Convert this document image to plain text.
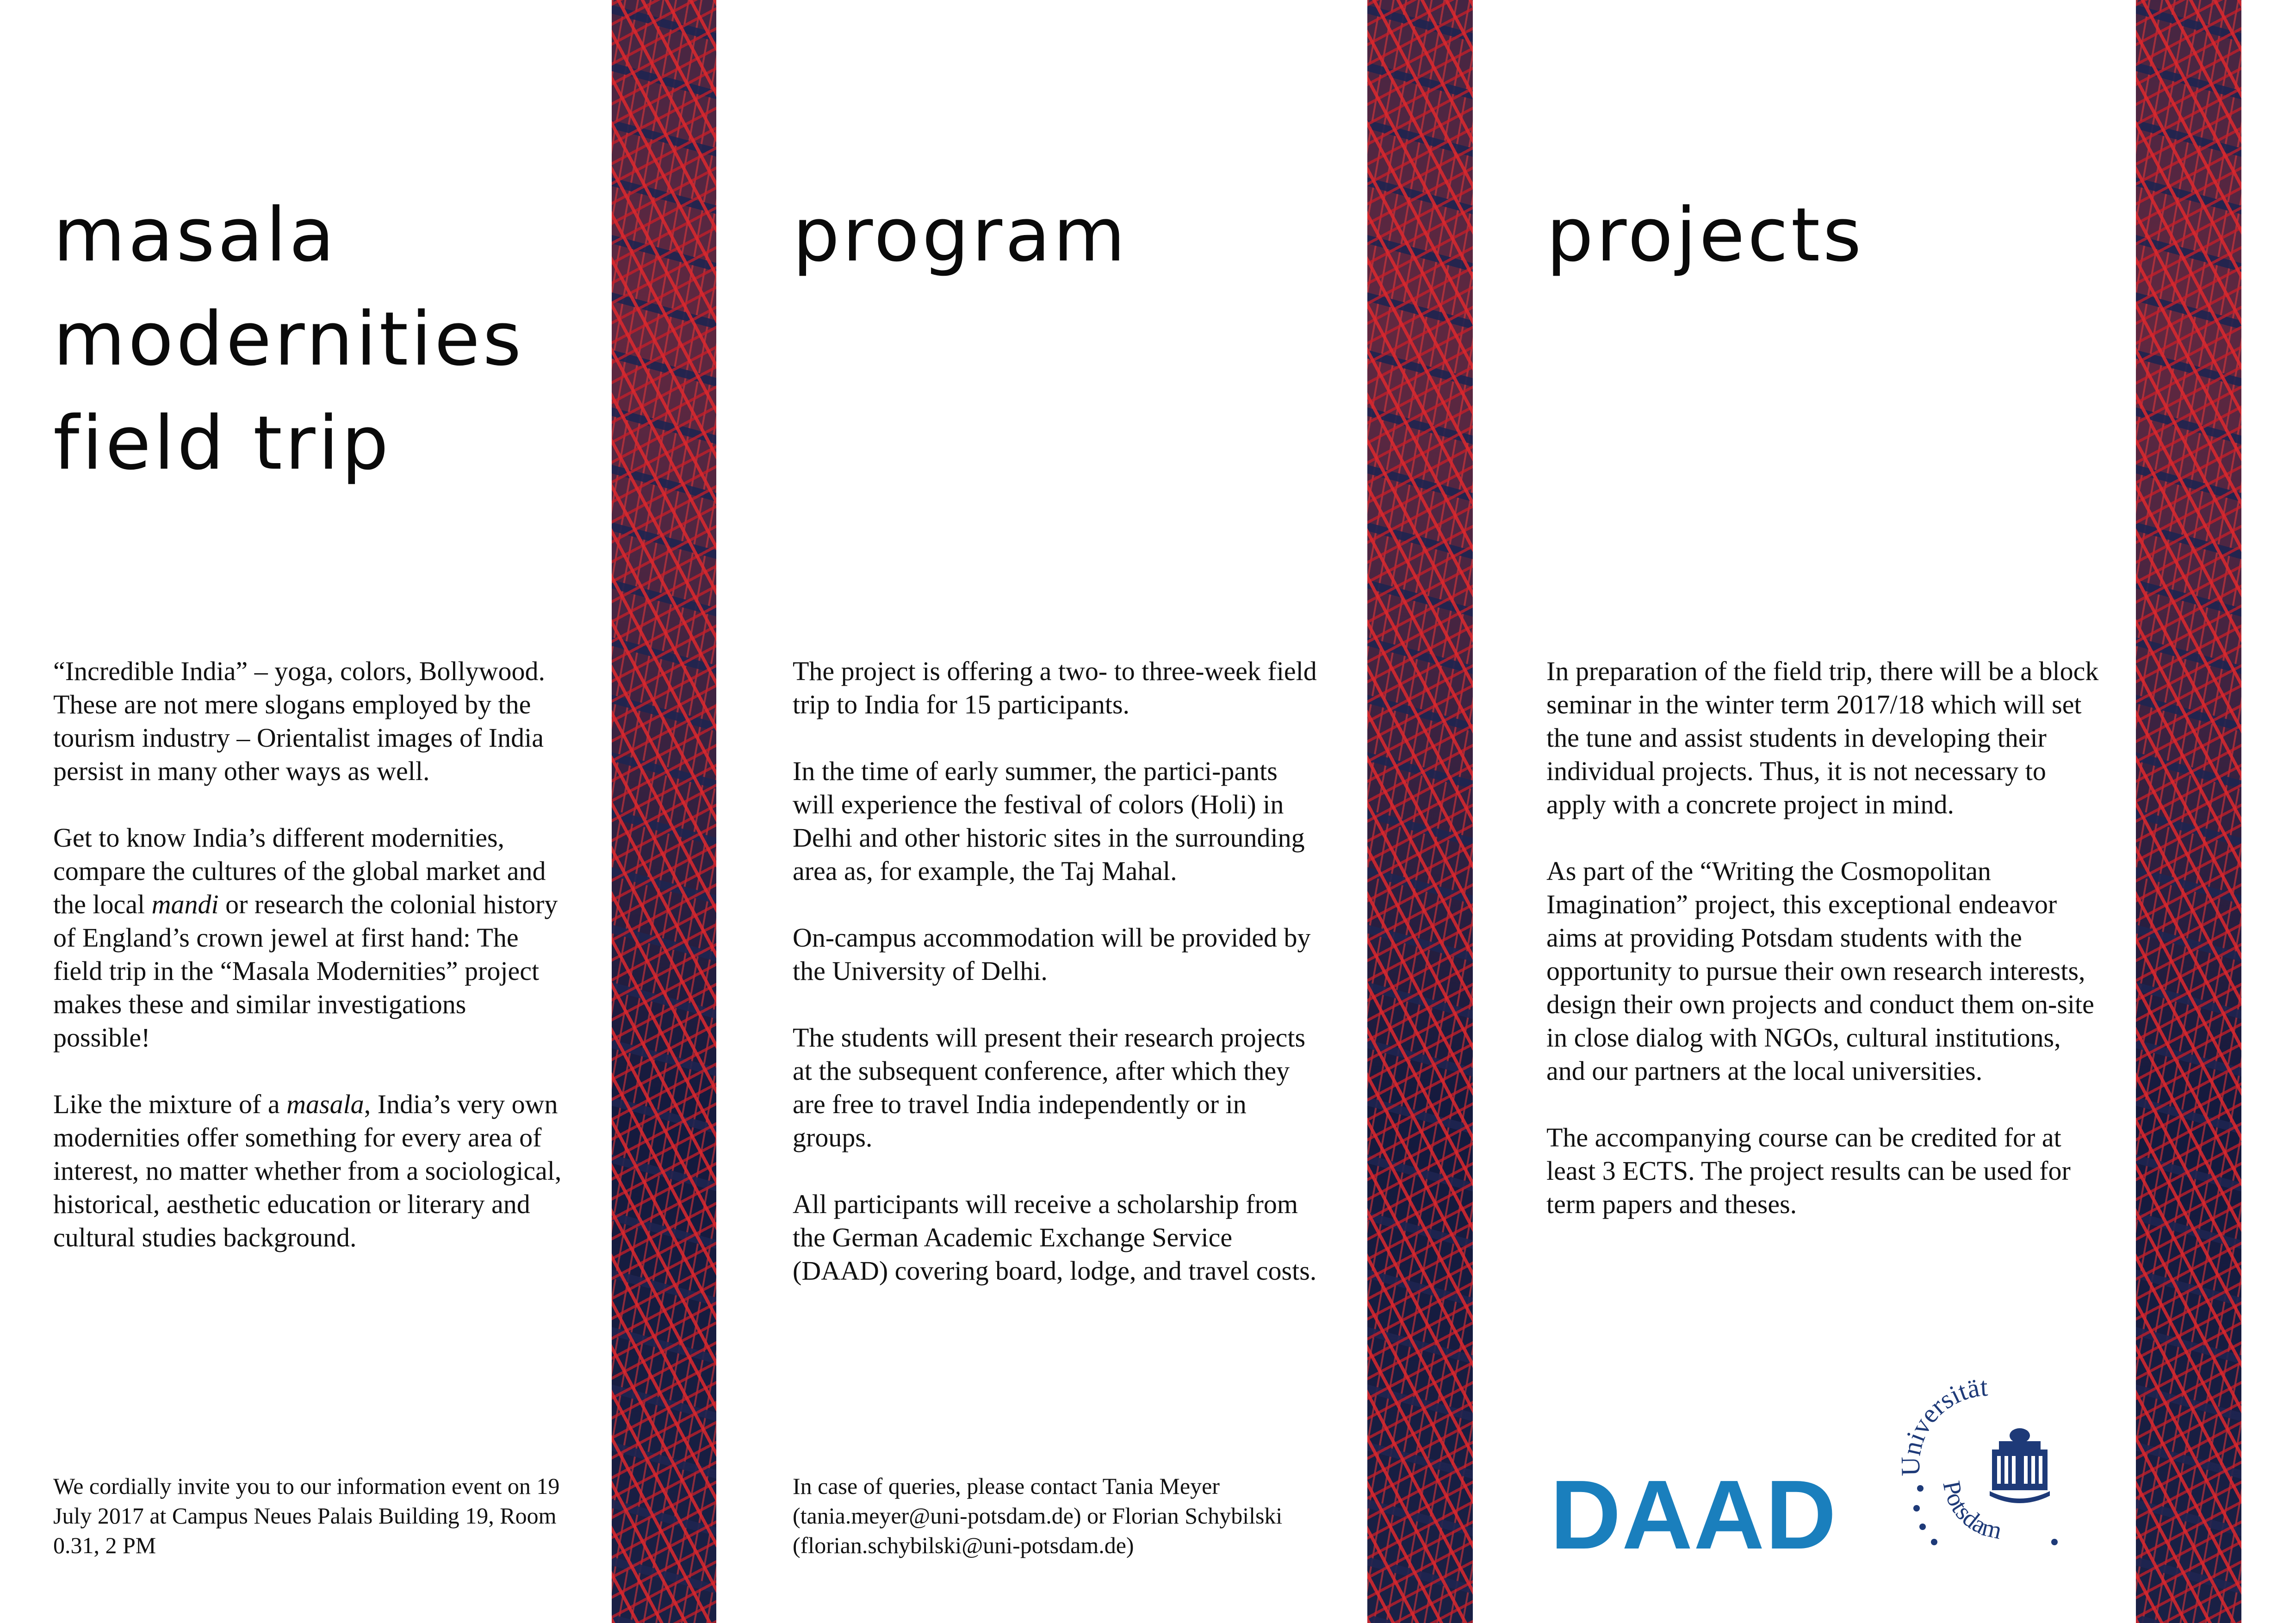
masala
modernities
field trip

“Incredible India” – yoga, colors, Bollywood. These are not mere slogans employed by the tourism industry – Orientalist images of India persist in many other ways as well.

Get to know India’s different modernities, compare the cultures of the global market and the local mandi or research the colonial history of England’s crown jewel at first hand: The field trip in the “Masala Modernities” project makes these and similar investigations possible!

Like the mixture of a masala, India’s very own modernities offer something for every area of interest, no matter whether from a sociological, historical, aesthetic education or literary and cultural studies background.

We cordially invite you to our information event on 19 July 2017 at Campus Neues Palais Building 19, Room 0.31, 2 PM
program

The project is offering a two- to three-week field trip to India for 15 participants.

In the time of early summer, the partici-pants will experience the festival of colors (Holi) in Delhi and other historic sites in the surrounding area as, for example, the Taj Mahal.

On-campus accommodation will be provided by the University of Delhi.

The students will present their research projects at the subsequent conference, after which they are free to travel India independently or in groups.

All participants will receive a scholarship from the German Academic Exchange Service (DAAD) covering board, lodge, and travel costs.

In case of queries, please contact Tania Meyer (tania.meyer@uni-potsdam.de) or Florian Schybilski (florian.schybilski@uni-potsdam.de)
projects

In preparation of the field trip, there will be a block seminar in the winter term 2017/18 which will set the tune and assist students in developing their individual projects. Thus, it is not necessary to apply with a concrete project in mind.

As part of the “Writing the Cosmopolitan Imagination” project, this exceptional endeavor aims at providing Potsdam students with the opportunity to pursue their own research interests, design their own projects and conduct them on-site in close dialog with NGOs, cultural institutions, and our partners at the local universities.

The accompanying course can be credited for at least 3 ECTS. The project results can be used for term papers and theses.

DAAD Universität
Potsdam
